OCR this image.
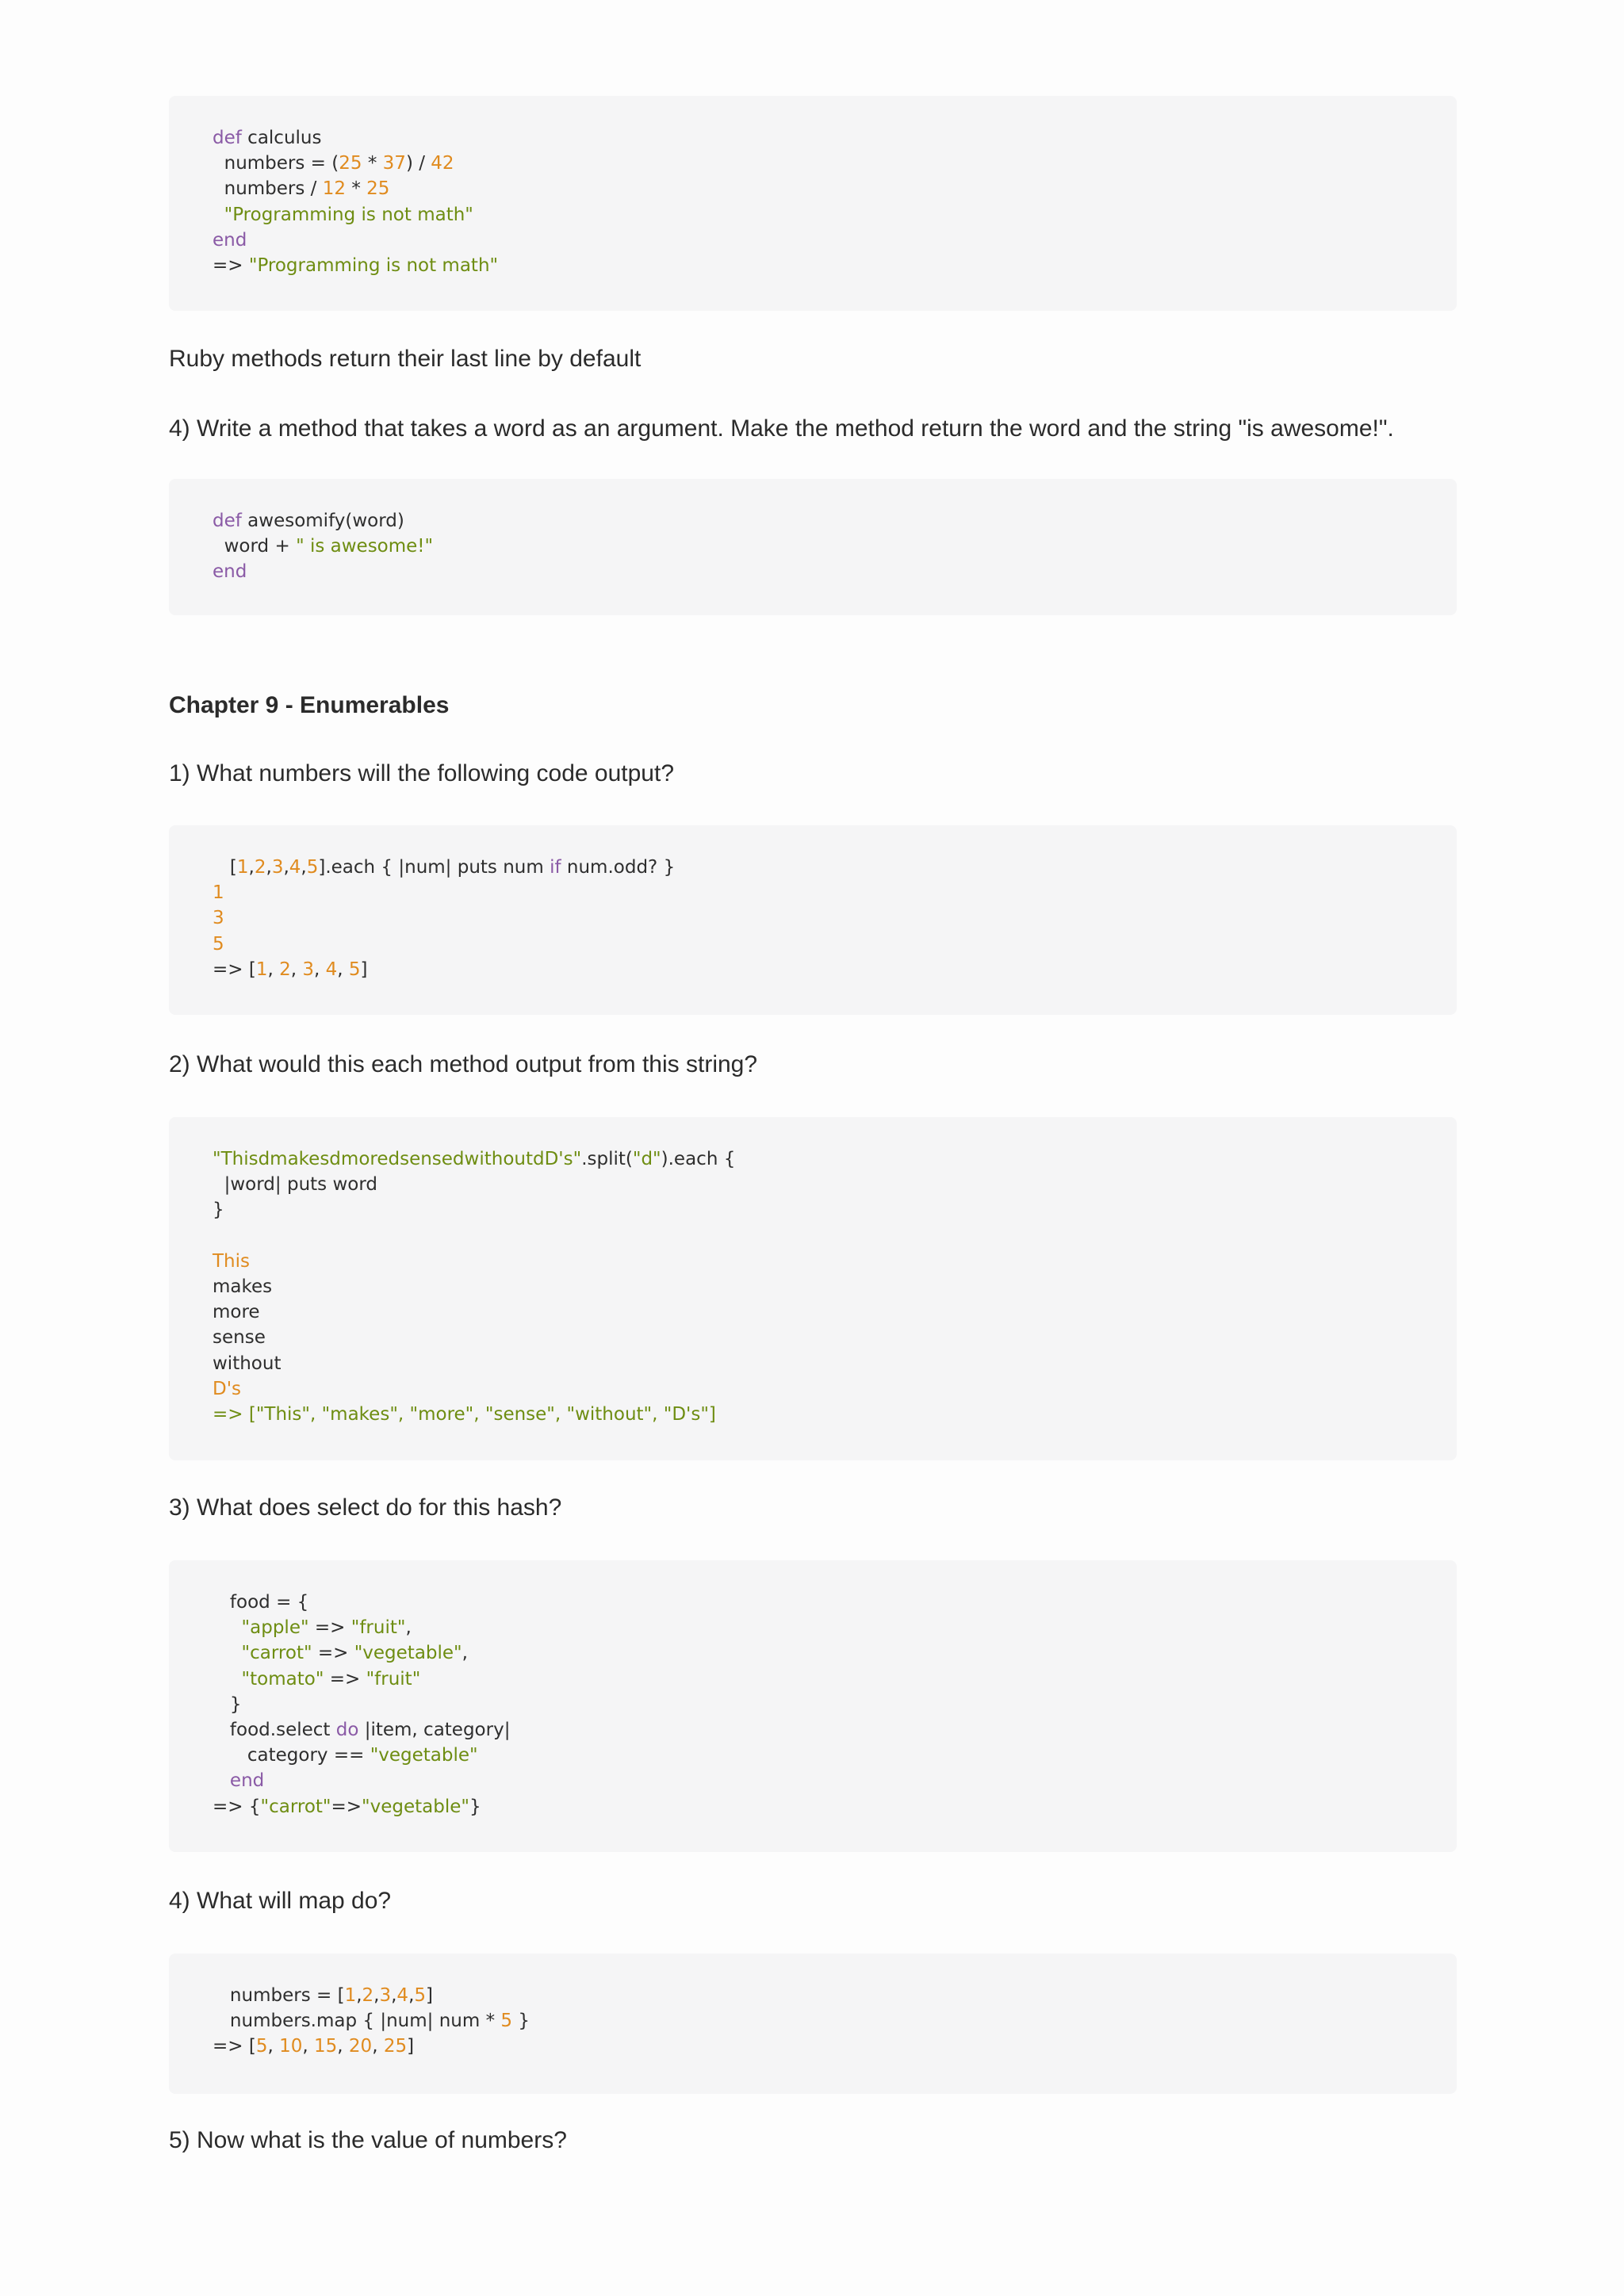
def calculus
numbers = (25 * 37) / 42
numbers / 12 * 25
"Programming is not math"
end
=> "Programming is not math"
Ruby methods return their last line by default
4) Write a method that takes a word as an argument. Make the method return the word and the string "is awesome!".
def awesomify(word)
word + " is awesome!"
end
Chapter 9 - Enumerables
1) What numbers will the following code output?
[1,2,3,4,5].each { |num| puts num if num.odd? }
1
3
5
=> [1, 2, 3, 4, 5]
2) What would this each method output from this string?
"ThisdmakesdmoredsensedwithoutdD's".split("d").each {
|word| puts word
}
This
makes
more
sense
without
D's
=> ["This", "makes", "more", "sense", "without", "D's"]
3) What does select do for this hash?
food = {
"apple" => "fruit",
"carrot" => "vegetable",
"tomato" => "fruit"
}
food.select do |item, category|
category == "vegetable"
end
=> {"carrot"=>"vegetable"}
4) What will map do?
numbers = [1,2,3,4,5]
numbers.map { |num| num * 5 }
=> [5, 10, 15, 20, 25]
5) Now what is the value of numbers?
